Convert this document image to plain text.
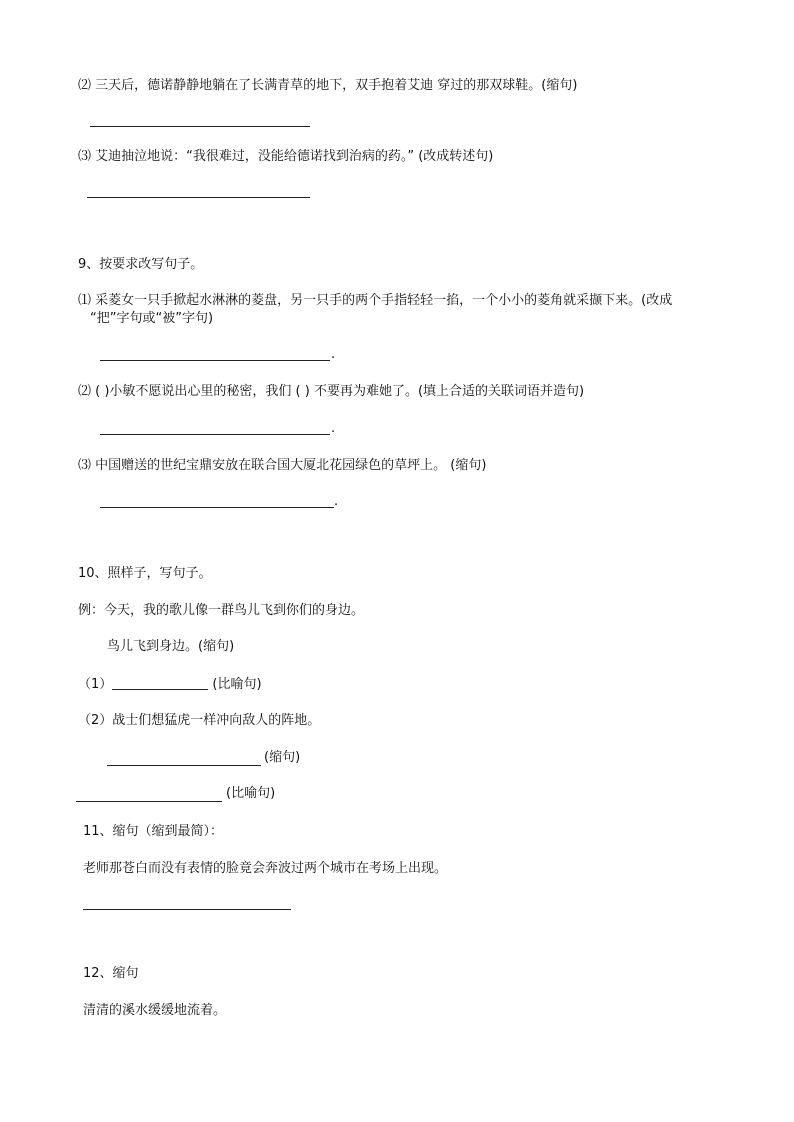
⑵ 三天后，德诺静静地躺在了长满青草的地下，双手抱着艾迪 穿过的那双球鞋。(缩句)
⑶ 艾迪抽泣地说：“我很难过，没能给德诺找到治病的药。” (改成转述句)
9、按要求改写句子。
⑴ 采菱女一只手掀起水淋淋的菱盘，另一只手的两个手指轻轻一掐，一个小小的菱角就采撷下来。(改成
“把”字句或“被”字句)
.
⑵ ( )小敏不愿说出心里的秘密，我们 ( ) 不要再为难她了。(填上合适的关联词语并造句)
.
⑶ 中国赠送的世纪宝鼎安放在联合国大厦北花园绿色的草坪上。 (缩句)
.
10、照样子，写句子。
例：今天，我的歌儿像一群鸟儿飞到你们的身边。
鸟儿飞到身边。(缩句)
（1）	(比喻句)
（2）战士们想猛虎一样冲向敌人的阵地。
(缩句)
(比喻句)
11、缩句（缩到最简）：
老师那苍白而没有表情的脸竟会奔波过两个城市在考场上出现。
12、缩句
清清的溪水缓缓地流着。
